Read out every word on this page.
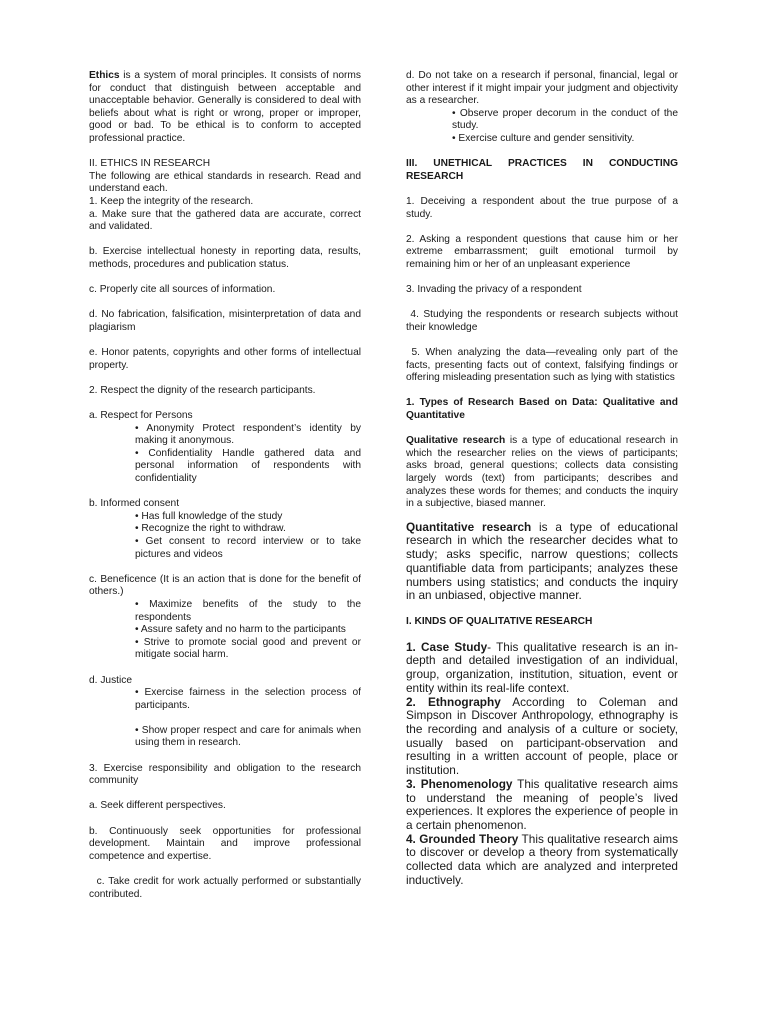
Ethics is a system of moral principles. It consists of norms for conduct that distinguish between acceptable and unacceptable behavior. Generally is considered to deal with beliefs about what is right or wrong, proper or improper, good or bad. To be ethical is to conform to accepted professional practice.

II. ETHICS IN RESEARCH

The following are ethical standards in research. Read and understand each.

1. Keep the integrity of the research.

a. Make sure that the gathered data are accurate, correct and validated.

b. Exercise intellectual honesty in reporting data, results, methods, procedures and publication status.

c. Properly cite all sources of information.

d. No fabrication, falsification, misinterpretation of data and plagiarism

e. Honor patents, copyrights and other forms of intellectual property.

2. Respect the dignity of the research participants.

a. Respect for Persons

• Anonymity Protect respondent’s identity by making it anonymous.

• Confidentiality Handle gathered data and personal information of respondents with confidentiality

b. Informed consent

• Has full knowledge of the study

• Recognize the right to withdraw.

• Get consent to record interview or to take pictures and videos

c. Beneficence (It is an action that is done for the benefit of others.)

• Maximize benefits of the study to the respondents

• Assure safety and no harm to the participants

• Strive to promote social good and prevent or mitigate social harm.

d. Justice

• Exercise fairness in the selection process of participants.

• Show proper respect and care for animals when using them in research.

3. Exercise responsibility and obligation to the research community

a. Seek different perspectives.

b. Continuously seek opportunities for professional development. Maintain and improve professional competence and expertise.

c. Take credit for work actually performed or substantially contributed.

d. Do not take on a research if personal, financial, legal or other interest if it might impair your judgment and objectivity as a researcher.

• Observe proper decorum in the conduct of the study.

• Exercise culture and gender sensitivity.

III. UNETHICAL PRACTICES IN CONDUCTING RESEARCH

1. Deceiving a respondent about the true purpose of a study.

2. Asking a respondent questions that cause him or her extreme embarrassment; guilt emotional turmoil by remaining him or her of an unpleasant experience

3. Invading the privacy of a respondent

4. Studying the respondents or research subjects without their knowledge

5. When analyzing the data—revealing only part of the facts, presenting facts out of context, falsifying findings or offering misleading presentation such as lying with statistics

1. Types of Research Based on Data: Qualitative and Quantitative

Qualitative research is a type of educational research in which the researcher relies on the views of participants; asks broad, general questions; collects data consisting largely words (text) from participants; describes and analyzes these words for themes; and conducts the inquiry in a subjective, biased manner.

Quantitative research is a type of educational research in which the researcher decides what to study; asks specific, narrow questions; collects quantifiable data from participants; analyzes these numbers using statistics; and conducts the inquiry in an unbiased, objective manner.

I. KINDS OF QUALITATIVE RESEARCH

1. Case Study- This qualitative research is an in-depth and detailed investigation of an individual, group, organization, institution, situation, event or entity within its real-life context.

2. Ethnography According to Coleman and Simpson in Discover Anthropology, ethnography is the recording and analysis of a culture or society, usually based on participant-observation and resulting in a written account of people, place or institution.

3. Phenomenology This qualitative research aims to understand the meaning of people’s lived experiences. It explores the experience of people in a certain phenomenon.

4. Grounded Theory This qualitative research aims to discover or develop a theory from systematically collected data which are analyzed and interpreted inductively.
